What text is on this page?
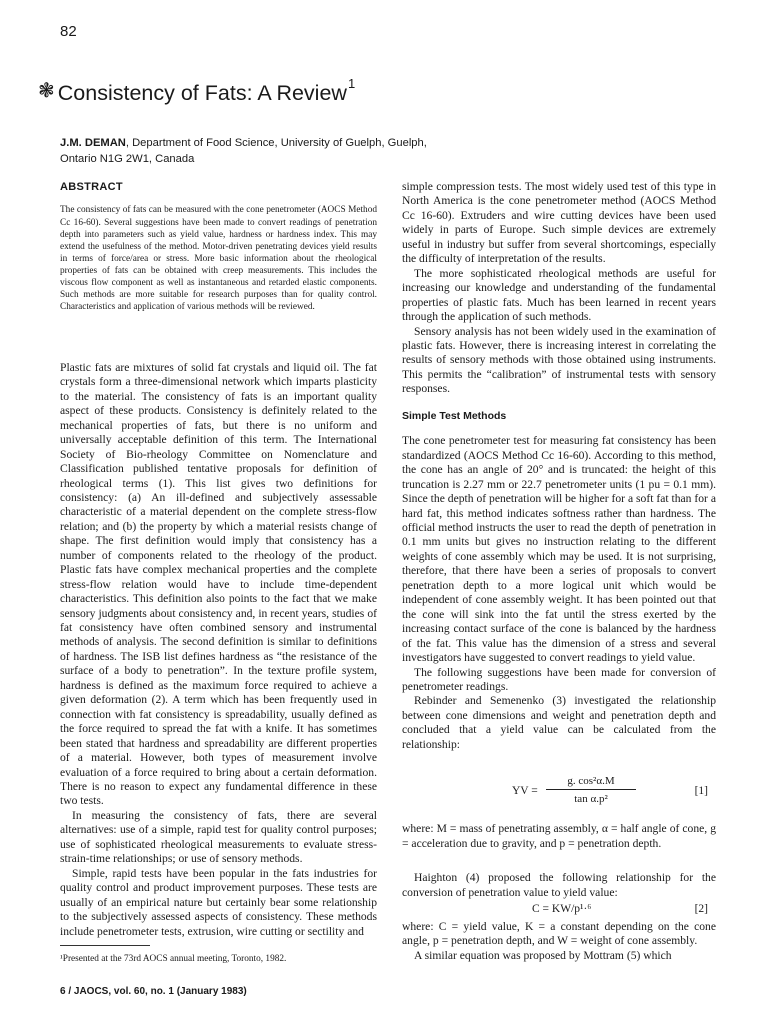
82
❃ Consistency of Fats: A Review$^1$
J.M. DEMAN, Department of Food Science, University of Guelph, Guelph,
Ontario N1G 2W1, Canada
ABSTRACT

The consistency of fats can be measured with the cone penetrometer (AOCS Method Cc 16-60). Several suggestions have been made to convert readings of penetration depth into parameters such as yield value, hardness or hardness index. This may extend the usefulness of the method. Motor-driven penetrating devices yield results in terms of force/area or stress. More basic information about the rheological properties of fats can be obtained with creep measurements. This includes the viscous flow component as well as instantaneous and retarded elastic components. Such methods are more suitable for research purposes than for quality control. Characteristics and application of various methods will be reviewed.

Plastic fats are mixtures of solid fat crystals and liquid oil. The fat crystals form a three-dimensional network which imparts plasticity to the material. The consistency of fats is an important quality aspect of these products. Consistency is definitely related to the mechanical properties of fats, but there is no uniform and universally acceptable definition of this term. The International Society of Bio-rheology Committee on Nomenclature and Classification published tentative proposals for definition of rheological terms (1). This list gives two definitions for consistency: (a) An ill-defined and subjectively assessable characteristic of a material dependent on the complete stress-flow relation; and (b) the property by which a material resists change of shape. The first definition would imply that consistency has a number of components related to the rheology of the product. Plastic fats have complex mechanical properties and the complete stress-flow relation would have to include time-dependent characteristics. This definition also points to the fact that we make sensory judgments about consistency and, in recent years, studies of fat consistency have often combined sensory and instrumental methods of analysis. The second definition is similar to definitions of hardness. The ISB list defines hardness as “the resistance of the surface of a body to penetration”. In the texture profile system, hardness is defined as the maximum force required to achieve a given deformation (2). A term which has been frequently used in connection with fat consistency is spreadability, usually defined as the force required to spread the fat with a knife. It has sometimes been stated that hardness and spreadability are different properties of a material. However, both types of measurement involve evaluation of a force required to bring about a certain deformation. There is no reason to expect any fundamental difference in these two tests.

In measuring the consistency of fats, there are several alternatives: use of a simple, rapid test for quality control purposes; use of sophisticated rheological measurements to evaluate stress-strain-time relationships; or use of sensory methods.

Simple, rapid tests have been popular in the fats industries for quality control and product improvement purposes. These tests are usually of an empirical nature but certainly bear some relationship to the subjectively assessed aspects of consistency. These methods include penetrometer tests, extrusion, wire cutting or sectility and

simple compression tests. The most widely used test of this type in North America is the cone penetrometer method (AOCS Method Cc 16-60). Extruders and wire cutting devices have been used widely in parts of Europe. Such simple devices are extremely useful in industry but suffer from several shortcomings, especially the difficulty of interpretation of the results.

The more sophisticated rheological methods are useful for increasing our knowledge and understanding of the fundamental properties of plastic fats. Much has been learned in recent years through the application of such methods.

Sensory analysis has not been widely used in the examination of plastic fats. However, there is increasing interest in correlating the results of sensory methods with those obtained using instruments. This permits the “calibration” of instrumental tests with sensory responses.

Simple Test Methods

The cone penetrometer test for measuring fat consistency has been standardized (AOCS Method Cc 16-60). According to this method, the cone has an angle of 20° and is truncated: the height of this truncation is 2.27 mm or 22.7 penetrometer units (1 pu = 0.1 mm). Since the depth of penetration will be higher for a soft fat than for a hard fat, this method indicates softness rather than hardness. The official method instructs the user to read the depth of penetration in 0.1 mm units but gives no instruction relating to the different weights of cone assembly which may be used. It is not surprising, therefore, that there have been a series of proposals to convert penetration depth to a more logical unit which would be independent of cone assembly weight. It has been pointed out that the cone will sink into the fat until the stress exerted by the increasing contact surface of the cone is balanced by the hardness of the fat. This value has the dimension of a stress and several investigators have suggested to convert readings to yield value.

The following suggestions have been made for conversion of penetrometer readings.

Rebinder and Semenenko (3) investigated the relationship between cone dimensions and weight and penetration depth and concluded that a yield value can be calculated from the relationship:

YV = $\frac{\text{g. cos²α.M}}{\text{tan α.p²}}$	[1]

where: M = mass of penetrating assembly, α = half angle of cone, g = acceleration due to gravity, and p = penetration depth.

Haighton (4) proposed the following relationship for the conversion of penetration value to yield value:

C = KW/p¹·⁶	[2]

where: C = yield value, K = a constant depending on the cone angle, p = penetration depth, and W = weight of cone assembly.

A similar equation was proposed by Mottram (5) which

¹Presented at the 73rd AOCS annual meeting, Toronto, 1982.
6 / JAOCS, vol. 60, no. 1 (January 1983)
